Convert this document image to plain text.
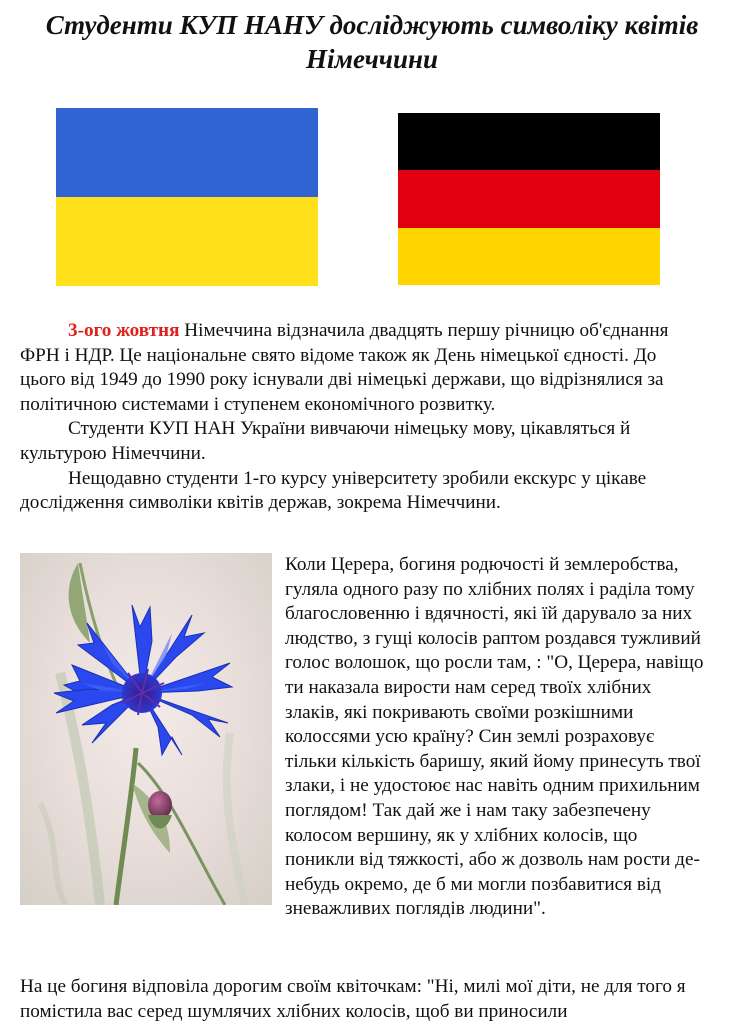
Студенти КУП НАНУ досліджують символіку квітів Німеччини

3-ого жовтня Німеччина відзначила двадцять першу річницю об'єднання ФРН і НДР. Це національне свято відоме також як День німецької єдності. До цього від 1949 до 1990 року існували дві німецькі держави, що відрізнялися за політичною системами і ступенем економічного розвитку.

Студенти КУП НАН України вивчаючи німецьку мову, цікавляться й культурою Німеччини.

Нещодавно студенти 1-го курсу університету зробили екскурс у цікаве дослідження символіки квітів держав, зокрема Німеччини.

Коли Церера, богиня родючості й землеробства, гуляла одного разу по хлібних полях і раділа тому благословенню і вдячності, які їй дарувало за них людство, з гущі колосів раптом роздався тужливий голос волошок, що росли там, : "О, Церера, навіщо ти наказала вирости нам серед твоїх хлібних злаків, які покривають своїми розкішними колоссями усю країну? Син землі розраховує тільки кількість баришу, який йому принесуть твої злаки, і не удостоює нас навіть одним прихильним поглядом! Так дай же і нам таку забезпечену колосом вершину, як у хлібних колосів, що поникли від тяжкості, або ж дозволь нам рости де-небудь окремо, де б ми могли позбавитися від зневажливих поглядів людини".

На це богиня відповіла дорогим своїм квіточкам: "Ні, милі мої діти, не для того я помістила вас серед шумлячих хлібних колосів, щоб ви приносили
